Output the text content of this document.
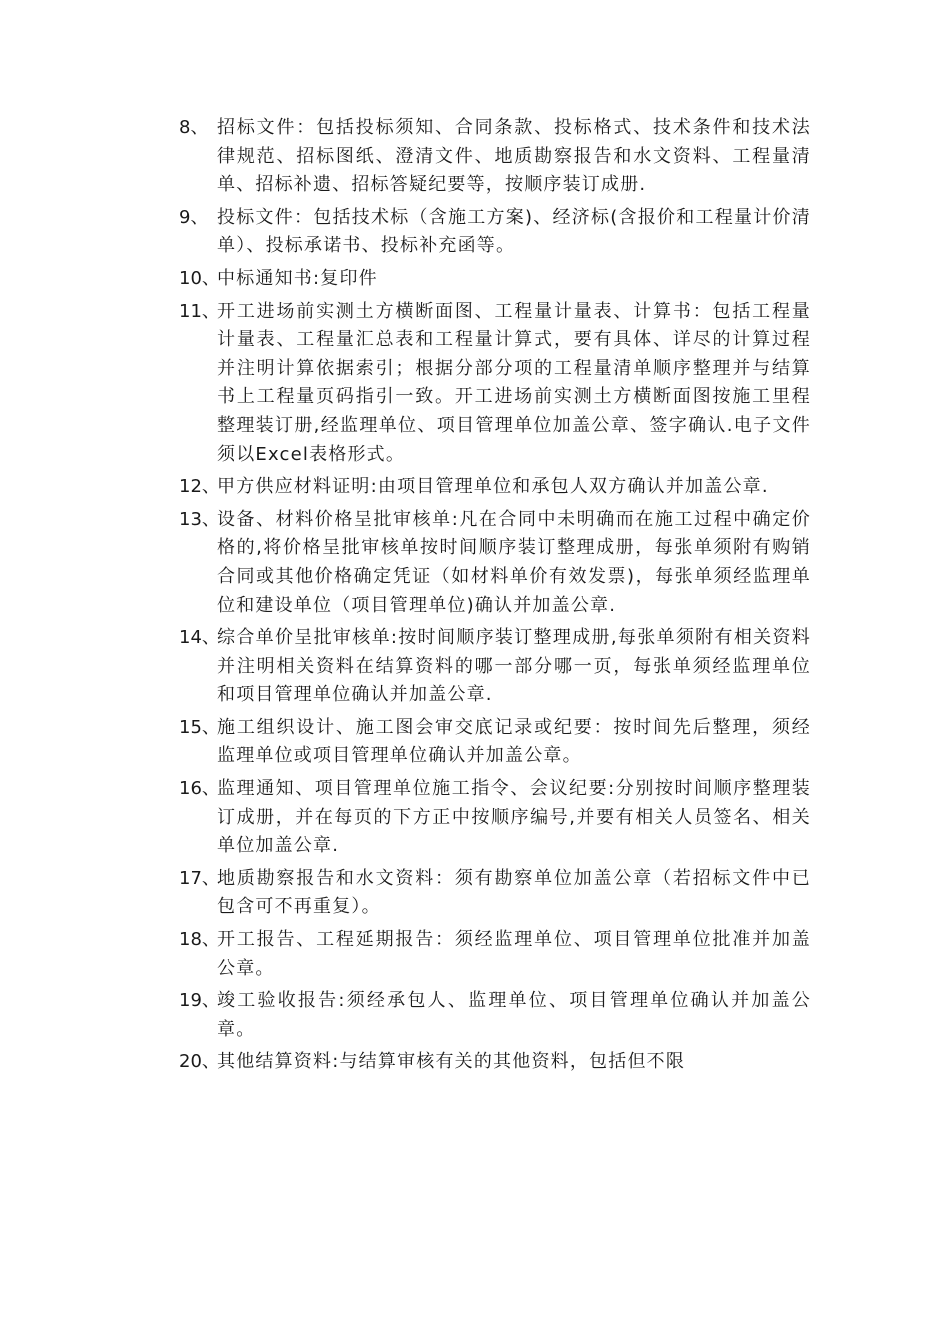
8、 招标文件：包括投标须知、合同条款、投标格式、技术条件和技术法律规范、招标图纸、澄清文件、地质勘察报告和水文资料、工程量清单、招标补遗、招标答疑纪要等，按顺序装订成册.
9、 投标文件：包括技术标（含施工方案)、经济标(含报价和工程量计价清单）、投标承诺书、投标补充函等。
10、
中标通知书:复印件
11、
开工进场前实测土方横断面图、工程量计量表、计算书：包括工程量计量表、工程量汇总表和工程量计算式，要有具体、详尽的计算过程并注明计算依据索引；根据分部分项的工程量清单顺序整理并与结算书上工程量页码指引一致。开工进场前实测土方横断面图按施工里程整理装订册,经监理单位、项目管理单位加盖公章、签字确认.电子文件须以Excel表格形式。
12、
甲方供应材料证明:由项目管理单位和承包人双方确认并加盖公章.
13、
设备、材料价格呈批审核单:凡在合同中未明确而在施工过程中确定价格的,将价格呈批审核单按时间顺序装订整理成册，每张单须附有购销合同或其他价格确定凭证（如材料单价有效发票)，每张单须经监理单位和建设单位（项目管理单位)确认并加盖公章.
14、
综合单价呈批审核单:按时间顺序装订整理成册,每张单须附有相关资料并注明相关资料在结算资料的哪一部分哪一页，每张单须经监理单位和项目管理单位确认并加盖公章.
15、
施工组织设计、施工图会审交底记录或纪要：按时间先后整理，须经监理单位或项目管理单位确认并加盖公章。
16、
监理通知、项目管理单位施工指令、会议纪要:分别按时间顺序整理装订成册，并在每页的下方正中按顺序编号,并要有相关人员签名、相关单位加盖公章.
17、
地质勘察报告和水文资料：须有勘察单位加盖公章（若招标文件中已包含可不再重复）。
18、
开工报告、工程延期报告：须经监理单位、项目管理单位批准并加盖公章。
19、
竣工验收报告:须经承包人、监理单位、项目管理单位确认并加盖公章。
20、
其他结算资料:与结算审核有关的其他资料，包括但不限
